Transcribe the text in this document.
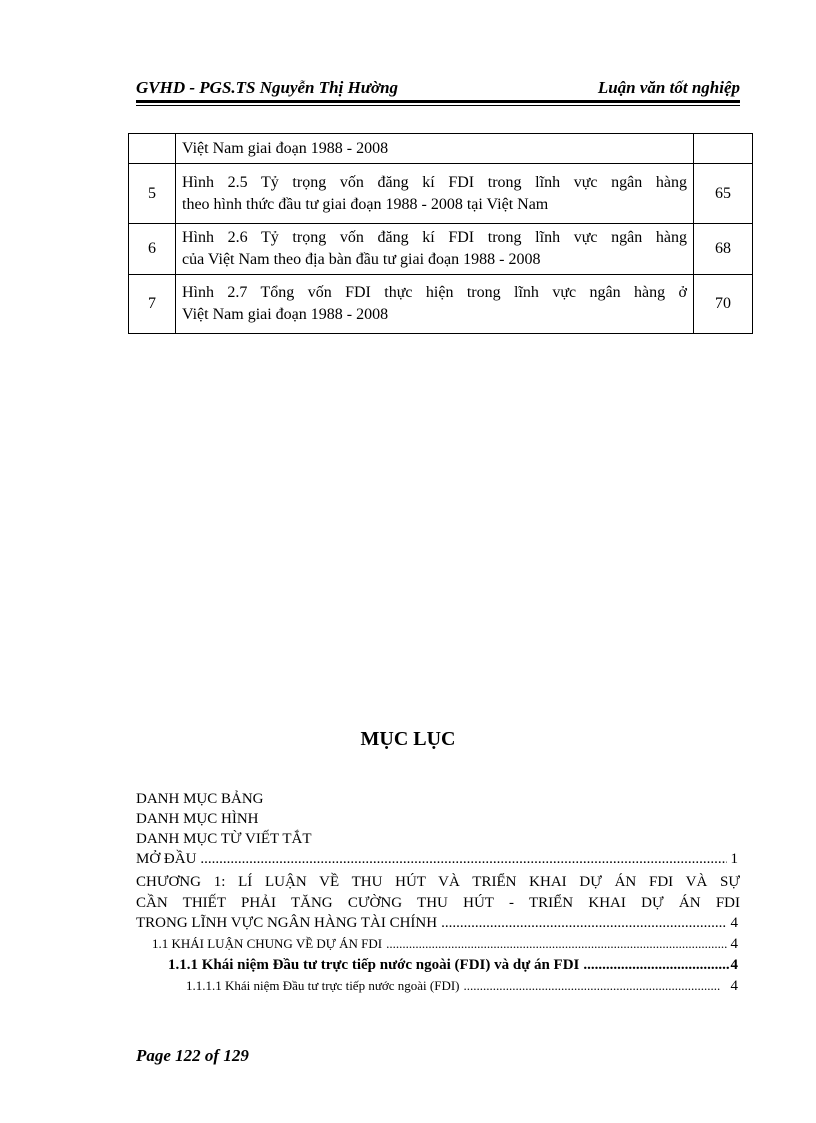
GVHD - PGS.TS Nguyễn Thị Hường	Luận văn tốt nghiệp

	Việt Nam giai đoạn 1988 - 2008	

5	Hình 2.5 Tỷ trọng vốn đăng kí FDI trong lĩnh vực ngân hàng
theo hình thức đầu tư giai đoạn 1988 - 2008 tại Việt Nam	65
6	Hình 2.6 Tỷ trọng vốn đăng kí FDI trong lĩnh vực ngân hàng
của Việt Nam theo địa bàn đầu tư giai đoạn 1988 - 2008	68
7	Hình 2.7 Tổng vốn FDI thực hiện trong lĩnh vực ngân hàng ở
Việt Nam giai đoạn 1988 - 2008	70
MỤC LỤC
DANH MỤC BẢNG
DANH MỤC HÌNH
DANH MỤC TỪ VIẾT TẮT
MỞ ĐẦU .....	1
CHƯƠNG 1: LÍ LUẬN VỀ THU HÚT VÀ TRIỂN KHAI DỰ ÁN FDI VÀ SỰ
CẦN THIẾT PHẢI TĂNG CƯỜNG THU HÚT - TRIỂN KHAI DỰ ÁN FDI
TRONG LĨNH VỰC NGÂN HÀNG TÀI CHÍNH .....	4
1.1 KHÁI LUẬN CHUNG VỀ DỰ ÁN FDI .....	4
1.1.1 Khái niệm Đầu tư trực tiếp nước ngoài (FDI) và dự án FDI .....	4
1.1.1.1 Khái niệm Đầu tư trực tiếp nước ngoài (FDI) .....	4
Page 122 of 129
